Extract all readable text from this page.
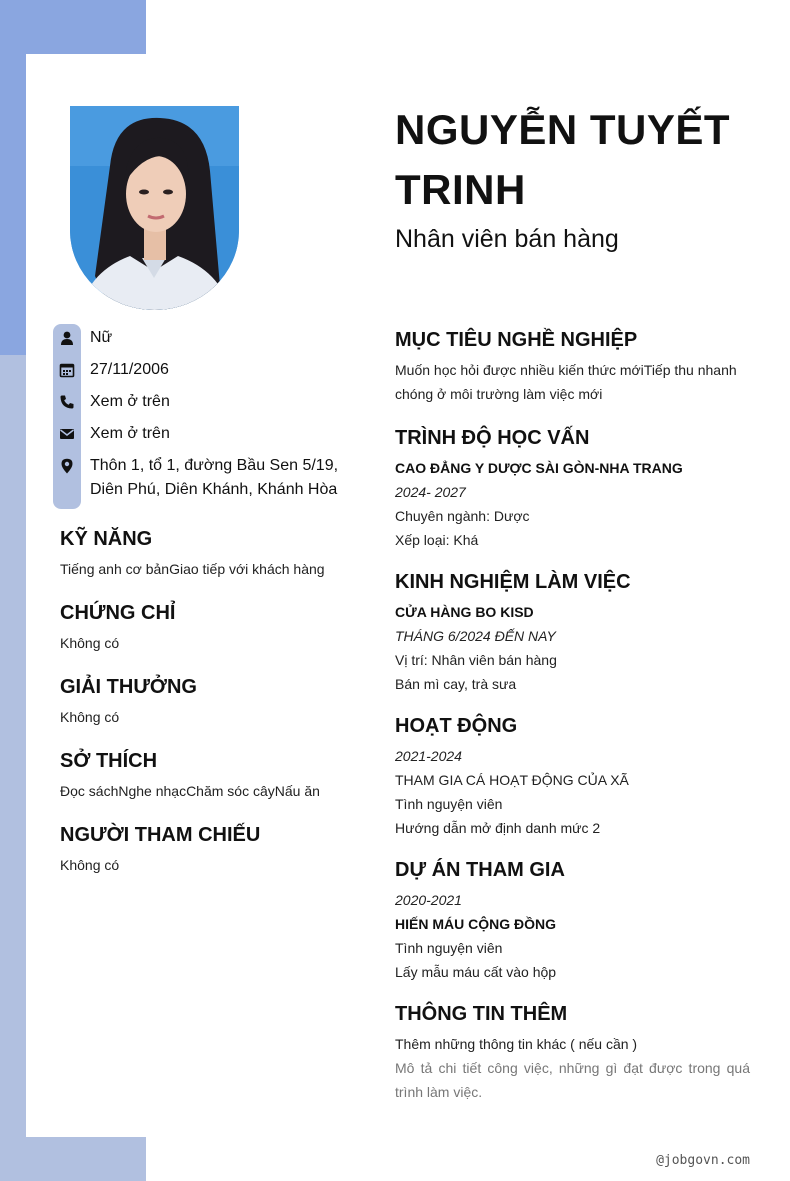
NGUYỄN TUYẾT TRINH
Nhân viên bán hàng
Nữ
27/11/2006
Xem ở trên
Xem ở trên
Thôn 1, tổ 1, đường Bầu Sen 5/19, Diên Phú, Diên Khánh, Khánh Hòa
KỸ NĂNG
Tiếng anh cơ bảnGiao tiếp với khách hàng
CHỨNG CHỈ
Không có
GIẢI THƯỞNG
Không có
SỞ THÍCH
Đọc sáchNghe nhạcChăm sóc câyNấu ăn
NGƯỜI THAM CHIẾU
Không có
MỤC TIÊU NGHỀ NGHIỆP
Muốn học hỏi được nhiều kiến thức mớiTiếp thu nhanh chóng ở môi trường làm việc mới
TRÌNH ĐỘ HỌC VẤN
CAO ĐẲNG Y DƯỢC SÀI GÒN-NHA TRANG
2024- 2027
Chuyên ngành: Dược
Xếp loại: Khá
KINH NGHIỆM LÀM VIỆC
CỬA HÀNG BO KISD
THÁNG 6/2024 ĐẾN NAY
Vị trí: Nhân viên bán hàng
Bán mì cay, trà sưa
HOẠT ĐỘNG
2021-2024
THAM GIA CÁ HOẠT ĐỘNG CỦA XÃ
Tình nguyện viên
Hướng dẫn mở định danh mức 2
DỰ ÁN THAM GIA
2020-2021
HIẾN MÁU CỘNG ĐỒNG
Tình nguyện viên
Lấy mẫu máu cất vào hộp
THÔNG TIN THÊM
Thêm những thông tin khác ( nếu cần )
Mô tả chi tiết công việc, những gì đạt được trong quá trình làm việc.
@jobgovn.com
